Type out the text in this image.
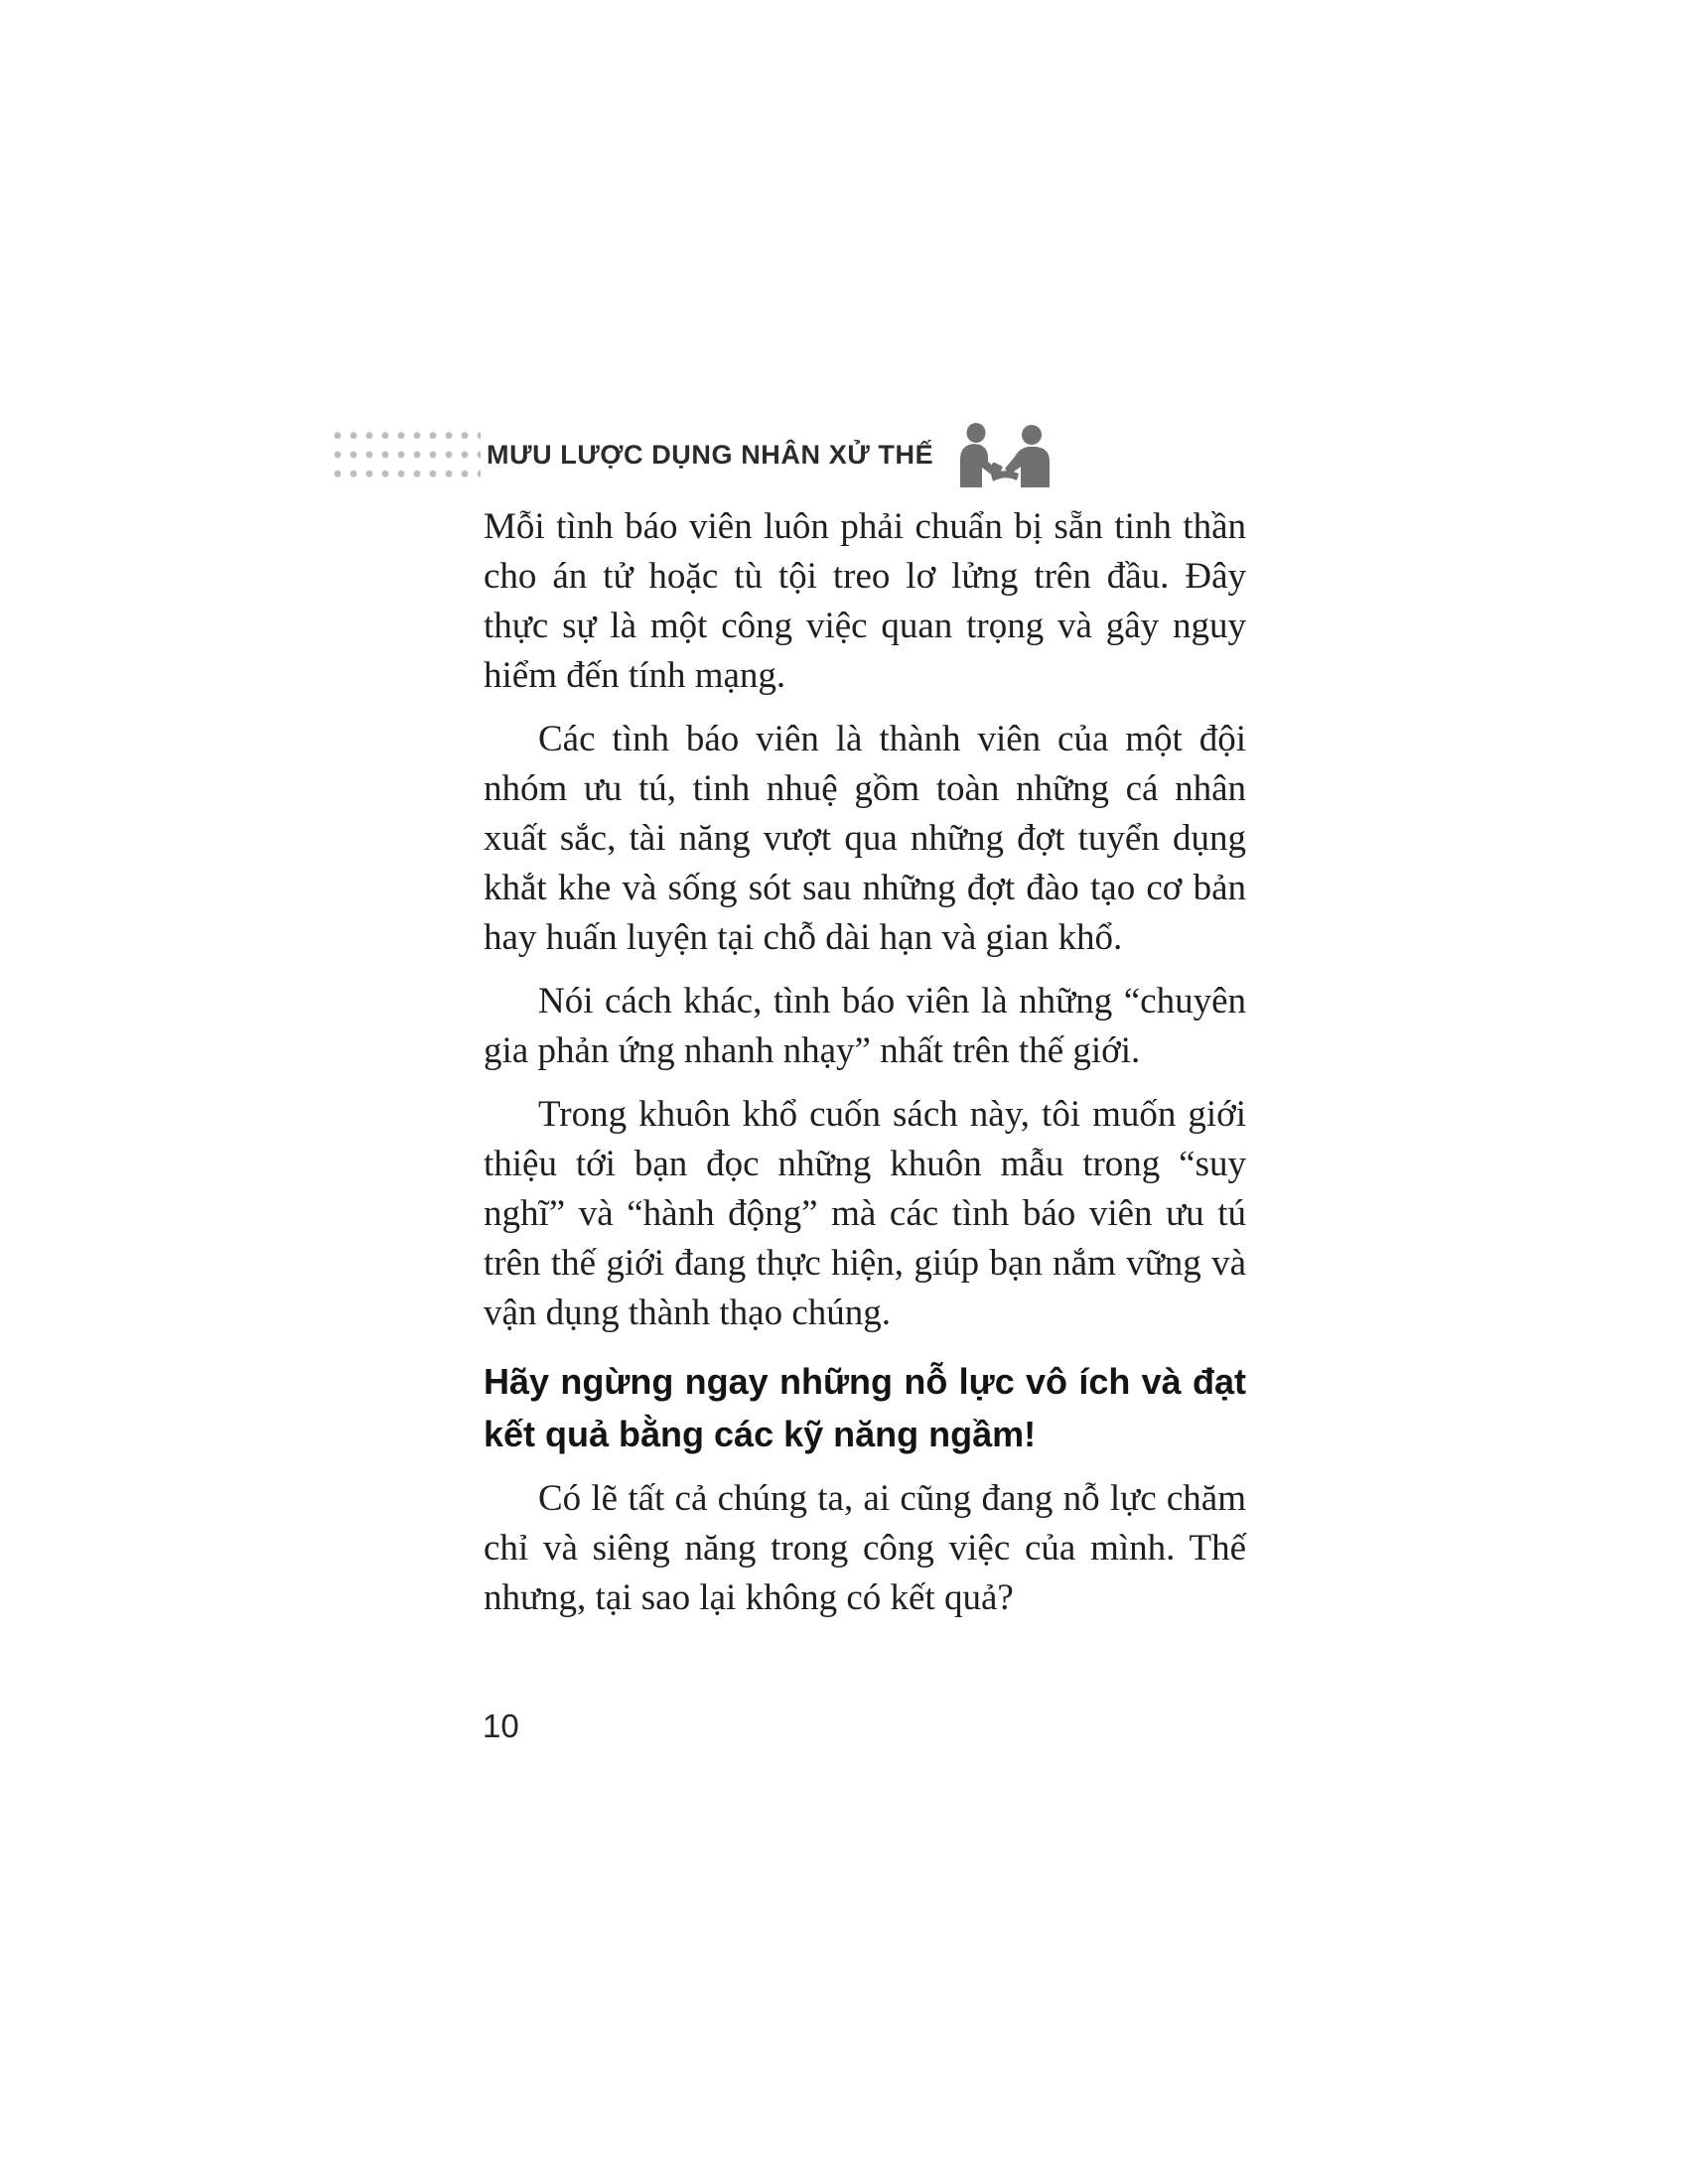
MƯU LƯỢC DỤNG NHÂN XỬ THẾ

Mỗi tình báo viên luôn phải chuẩn bị sẵn tinh thần cho án tử hoặc tù tội treo lơ lửng trên đầu. Đây thực sự là một công việc quan trọng và gây nguy hiểm đến tính mạng.

Các tình báo viên là thành viên của một đội nhóm ưu tú, tinh nhuệ gồm toàn những cá nhân xuất sắc, tài năng vượt qua những đợt tuyển dụng khắt khe và sống sót sau những đợt đào tạo cơ bản hay huấn luyện tại chỗ dài hạn và gian khổ.

Nói cách khác, tình báo viên là những “chuyên gia phản ứng nhanh nhạy” nhất trên thế giới.

Trong khuôn khổ cuốn sách này, tôi muốn giới thiệu tới bạn đọc những khuôn mẫu trong “suy nghĩ” và “hành động” mà các tình báo viên ưu tú trên thế giới đang thực hiện, giúp bạn nắm vững và vận dụng thành thạo chúng.

Hãy ngừng ngay những nỗ lực vô ích và đạt kết quả bằng các kỹ năng ngầm!

Có lẽ tất cả chúng ta, ai cũng đang nỗ lực chăm chỉ và siêng năng trong công việc của mình. Thế nhưng, tại sao lại không có kết quả?

10
